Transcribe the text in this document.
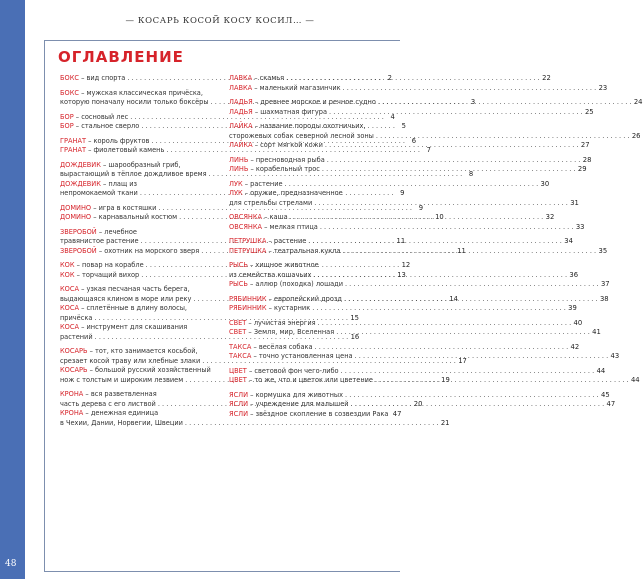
48
— КОСАРЬ КОСОЙ КОСУ КОСИЛ… —
ОГЛАВЛЕНИЕ
БОКС – вид спорта . . .	2
БОКС – мужская классическая причёска,
которую поначалу носили только боксёры . . .	3
БОР – сосновый лес . . .	4
БОР – стальное сверло . . .	5
ГРАНАТ – король фруктов . . .	6
ГРАНАТ – фиолетовый камень . . .	7
ДОЖДЕВИК – шарообразный гриб,
вырастающий в тёплое дождливое время . . .	8
ДОЖДЕВИК – плащ из
непромокаемой ткани . . .	9
ДОМИНО – игра в костяшки . . .	9
ДОМИНО – карнавальный костюм . . .	10
ЗВЕРОБОЙ – лечебное
травянистое растение . . .	11
ЗВЕРОБОЙ – охотник на морского зверя . . .	11
КОК – повар на корабле . . .	12
КОК – торчащий вихор . . .	13
КОСА – узкая песчаная часть берега,
выдающаяся клином в море или реку . . .	14
КОСА – сплетённые в длину волосы,
причёска . . .	15
КОСА – инструмент для скашивания
растений . . .	16
КОСАРЬ – тот, кто занимается косьбой,
срезает косой траву или хлебные злаки . . .	17
КОСАРЬ – большой русский хозяйственный
нож с толстым и широким лезвием . . .	19
КРОНА – вся разветвленная
часть дерева с его листвой . . .	20
КРОНА – денежная единица
в Чехии, Дании, Норвегии, Швеции . . .	21
ЛАВКА – скамья . . .	22
ЛАВКА – маленький магазинчик . . .	23
ЛАДЬЯ – древнее морское и речное судно . . .	24
ЛАДЬЯ – шахматная фигура . . .	25
ЛАЙКА – название породы охотничьих,
сторожевых собак северной лесной зоны . . .	26
ЛАЙКА – сорт мягкой кожи . . .	27
ЛИНЬ – пресноводная рыба . . .	28
ЛИНЬ – корабельный трос . . .	29
ЛУК – растение . . .	30
ЛУК – оружие, предназначенное
для стрельбы стрелами . . .	31
ОВСЯНКА – каша . . .	32
ОВСЯНКА – мелкая птица . . .	33
ПЕТРУШКА – растение . . .	34
ПЕТРУШКА – театральная кукла . . .	35
РЫСЬ – хищное животное
из семейства кошачьих . . .	36
РЫСЬ – аллюр (походка) лошади . . .	37
РЯБИННИК – европейский дрозд . . .	38
РЯБИННИК – кустарник . . .	39
СВЕТ – лучистая энергия . . .	40
СВЕТ – Земля, мир, Вселенная . . .	41
ТАКСА – весёлая собака . . .	42
ТАКСА – точно установленная цена . . .	43
ЦВЕТ – световой фон чего-либо . . .	44
ЦВЕТ – то же, что и цветок или цветение . . .	44
ЯСЛИ – кормушка для животных . . .	45
ЯСЛИ – учреждение для малышей . . .	47
ЯСЛИ – звёздное скопление в созвездии Рака 47
